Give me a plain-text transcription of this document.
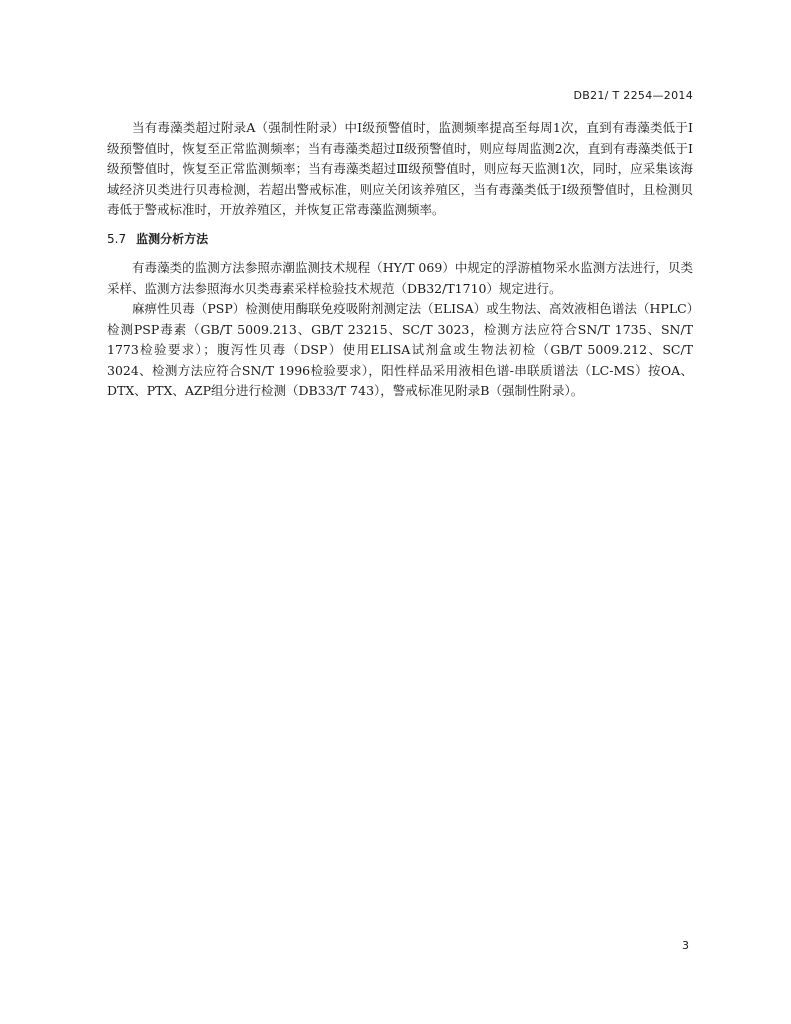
DB21/ T 2254—2014

当有毒藻类超过附录A（强制性附录）中Ⅰ级预警值时，监测频率提高至每周1次，直到有毒藻类低于Ⅰ级预警值时，恢复至正常监测频率；当有毒藻类超过Ⅱ级预警值时，则应每周监测2次，直到有毒藻类低于Ⅰ级预警值时，恢复至正常监测频率；当有毒藻类超过Ⅲ级预警值时，则应每天监测1次，同时，应采集该海域经济贝类进行贝毒检测，若超出警戒标准，则应关闭该养殖区，当有毒藻类低于Ⅰ级预警值时，且检测贝毒低于警戒标准时，开放养殖区，并恢复正常毒藻监测频率。

5.7 监测分析方法

有毒藻类的监测方法参照赤潮监测技术规程（HY/T 069）中规定的浮游植物采水监测方法进行，贝类采样、监测方法参照海水贝类毒素采样检验技术规范（DB32/T1710）规定进行。

麻痹性贝毒（PSP）检测使用酶联免疫吸附剂测定法（ELISA）或生物法、高效液相色谱法（HPLC）检测PSP毒素（GB/T 5009.213、GB/T 23215、SC/T 3023，检测方法应符合SN/T 1735、SN/T 1773检验要求）；腹泻性贝毒（DSP）使用ELISA试剂盒或生物法初检（GB/T 5009.212、SC/T 3024、检测方法应符合SN/T 1996检验要求），阳性样品采用液相色谱-串联质谱法（LC-MS）按OA、DTX、PTX、AZP组分进行检测（DB33/T 743），警戒标准见附录B（强制性附录）。

3
